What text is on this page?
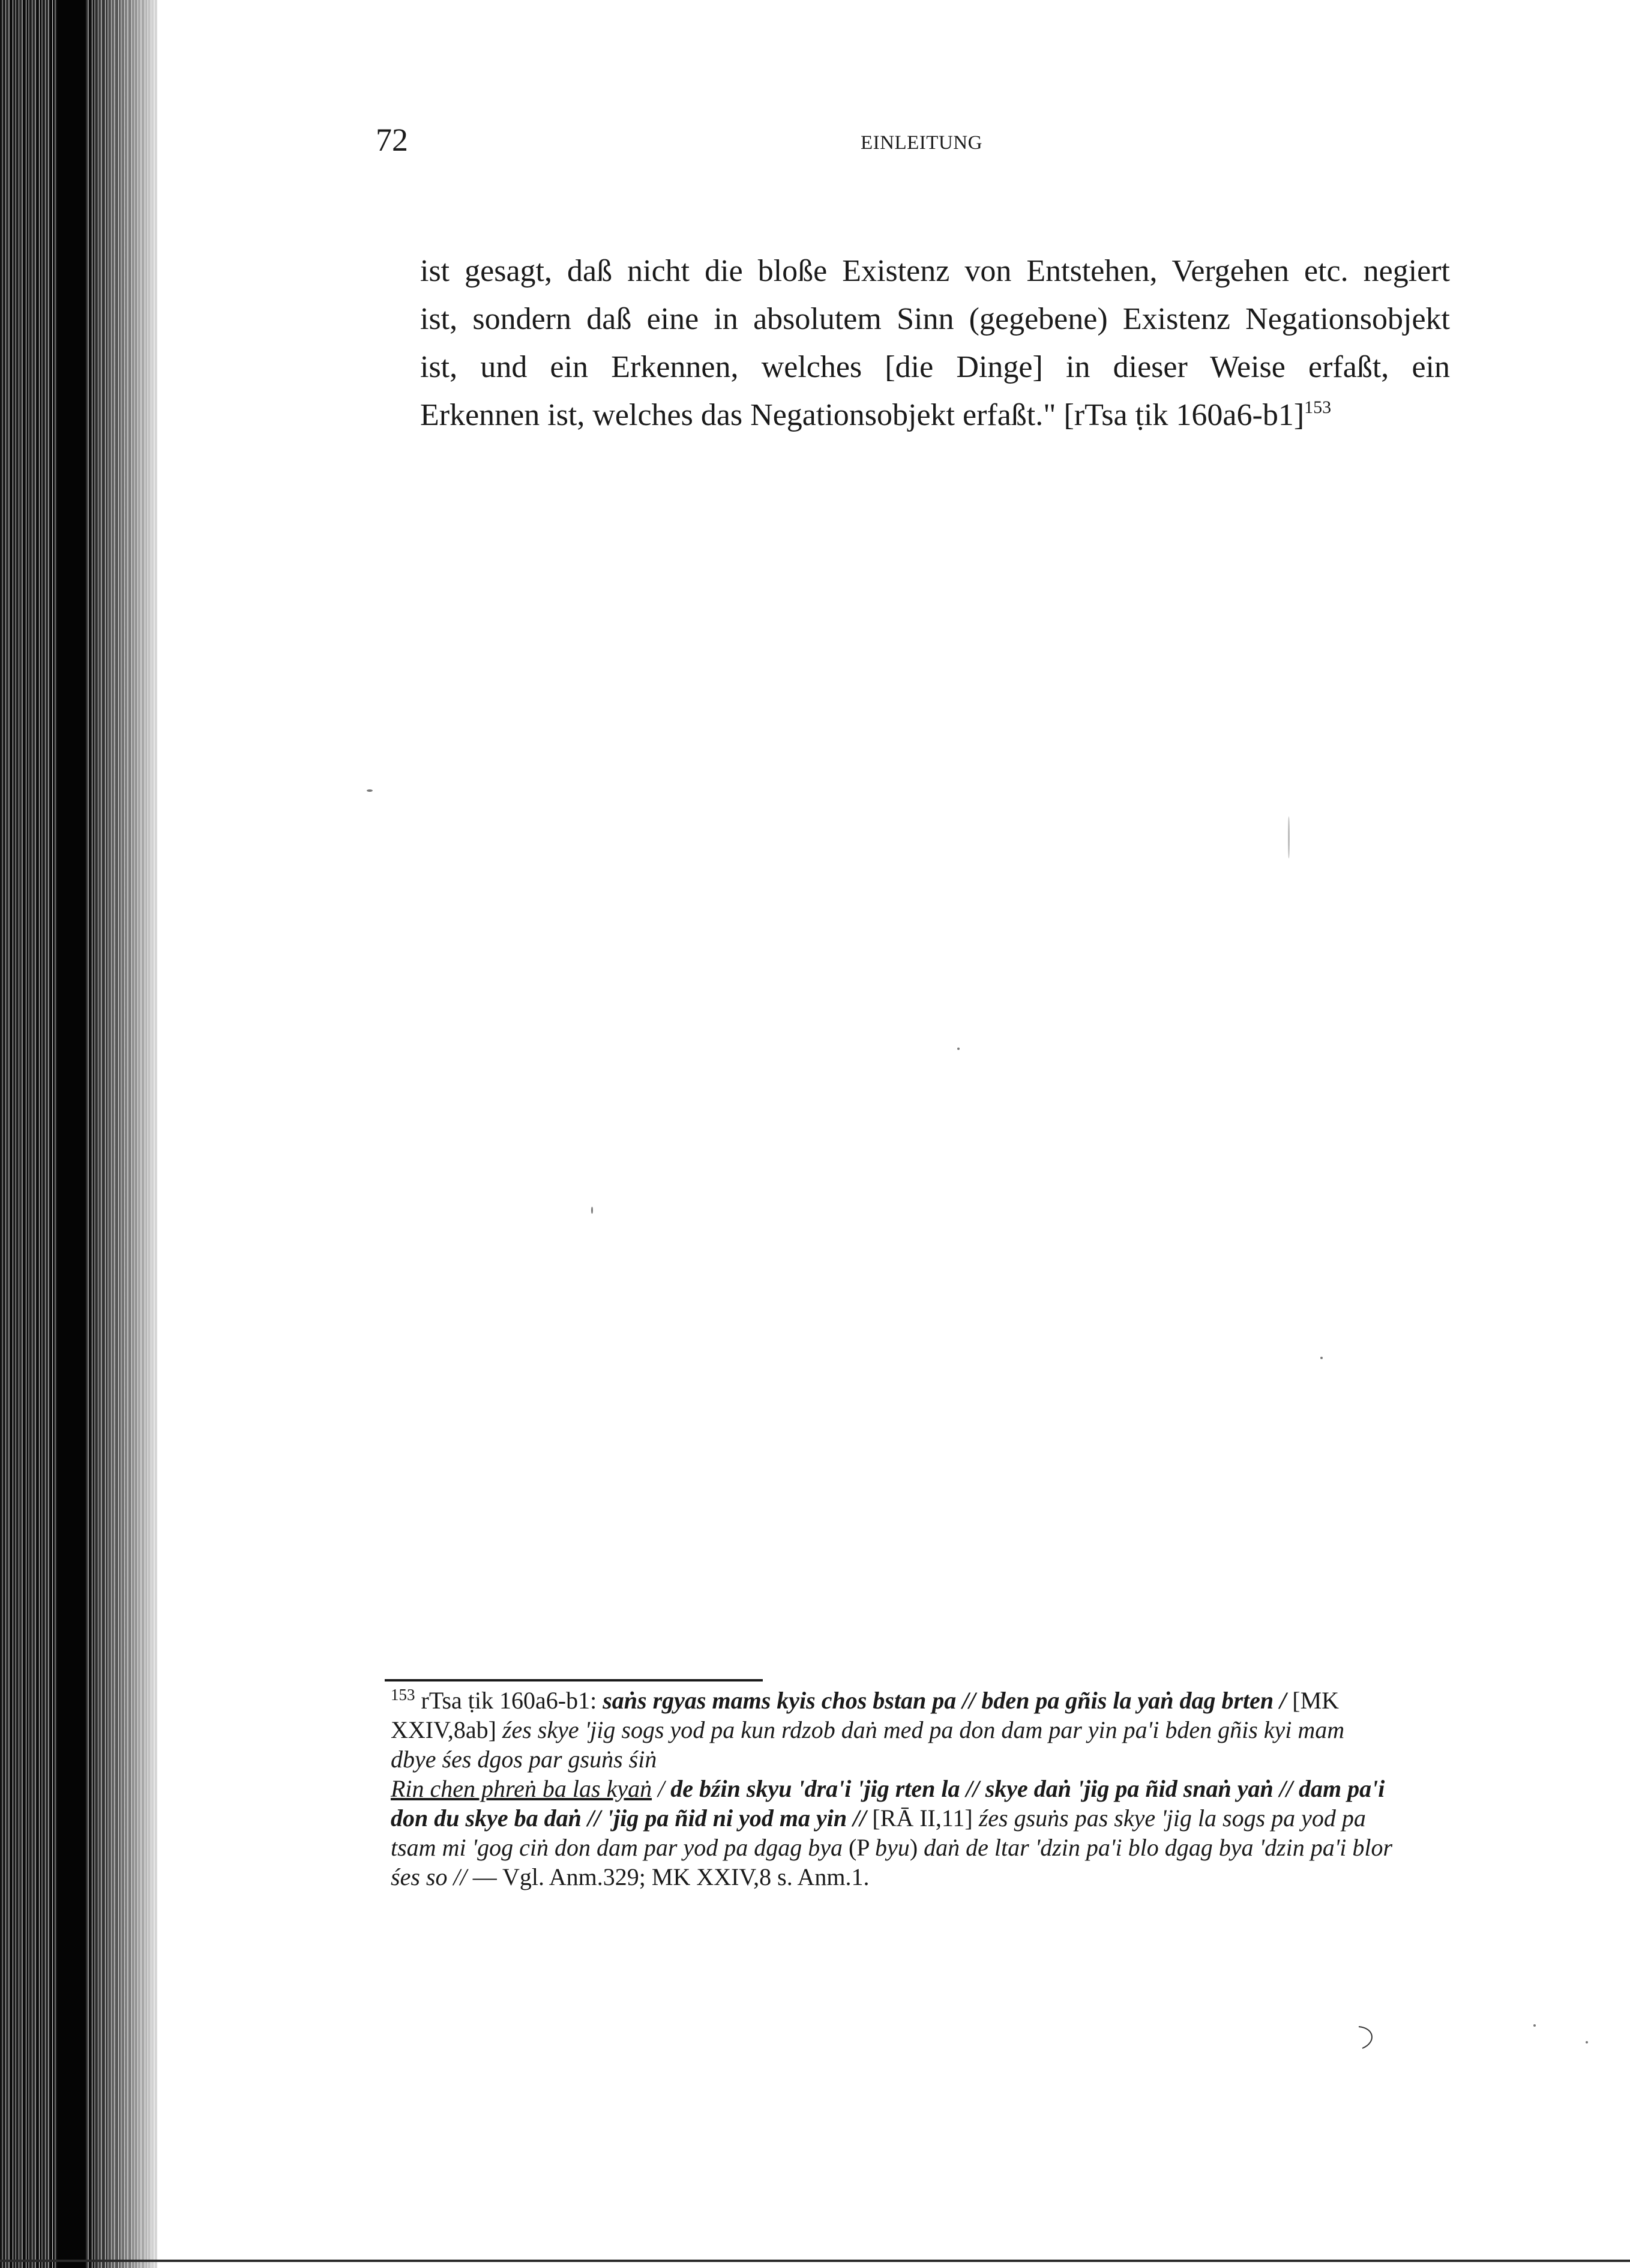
72	EINLEITUNG
ist gesagt, daß nicht die bloße Existenz von Entstehen, Vergehen etc. negiert
ist, sondern daß eine in absolutem Sinn (gegebene) Existenz Negationsobjekt
ist, und ein Erkennen, welches [die Dinge] in dieser Weise erfaßt, ein
Erkennen ist, welches das Negationsobjekt erfaßt." [rTsa ṭik 160a6-b1]$^{153}$
$^{153}$ rTsa ṭik 160a6-b1: saṅs rgyas mams kyis chos bstan pa // bden pa gñis la yaṅ dag brten / [MK
XXIV,8ab] źes skye 'jig sogs yod pa kun rdzob daṅ med pa don dam par yin pa'i bden gñis kyi mam
dbye śes dgos par gsuṅs śiṅ
Rin chen phreṅ ba las kyaṅ / de bźin skyu 'dra'i 'jig rten la // skye daṅ 'jig pa ñid snaṅ yaṅ // dam pa'i
don du skye ba daṅ // 'jig pa ñid ni yod ma yin // [RĀ II,11] źes gsuṅs pas skye 'jig la sogs pa yod pa
tsam mi 'gog ciṅ don dam par yod pa dgag bya (P byu) daṅ de ltar 'dzin pa'i blo dgag bya 'dzin pa'i blor
śes so // — Vgl. Anm.329; MK XXIV,8 s. Anm.1.
